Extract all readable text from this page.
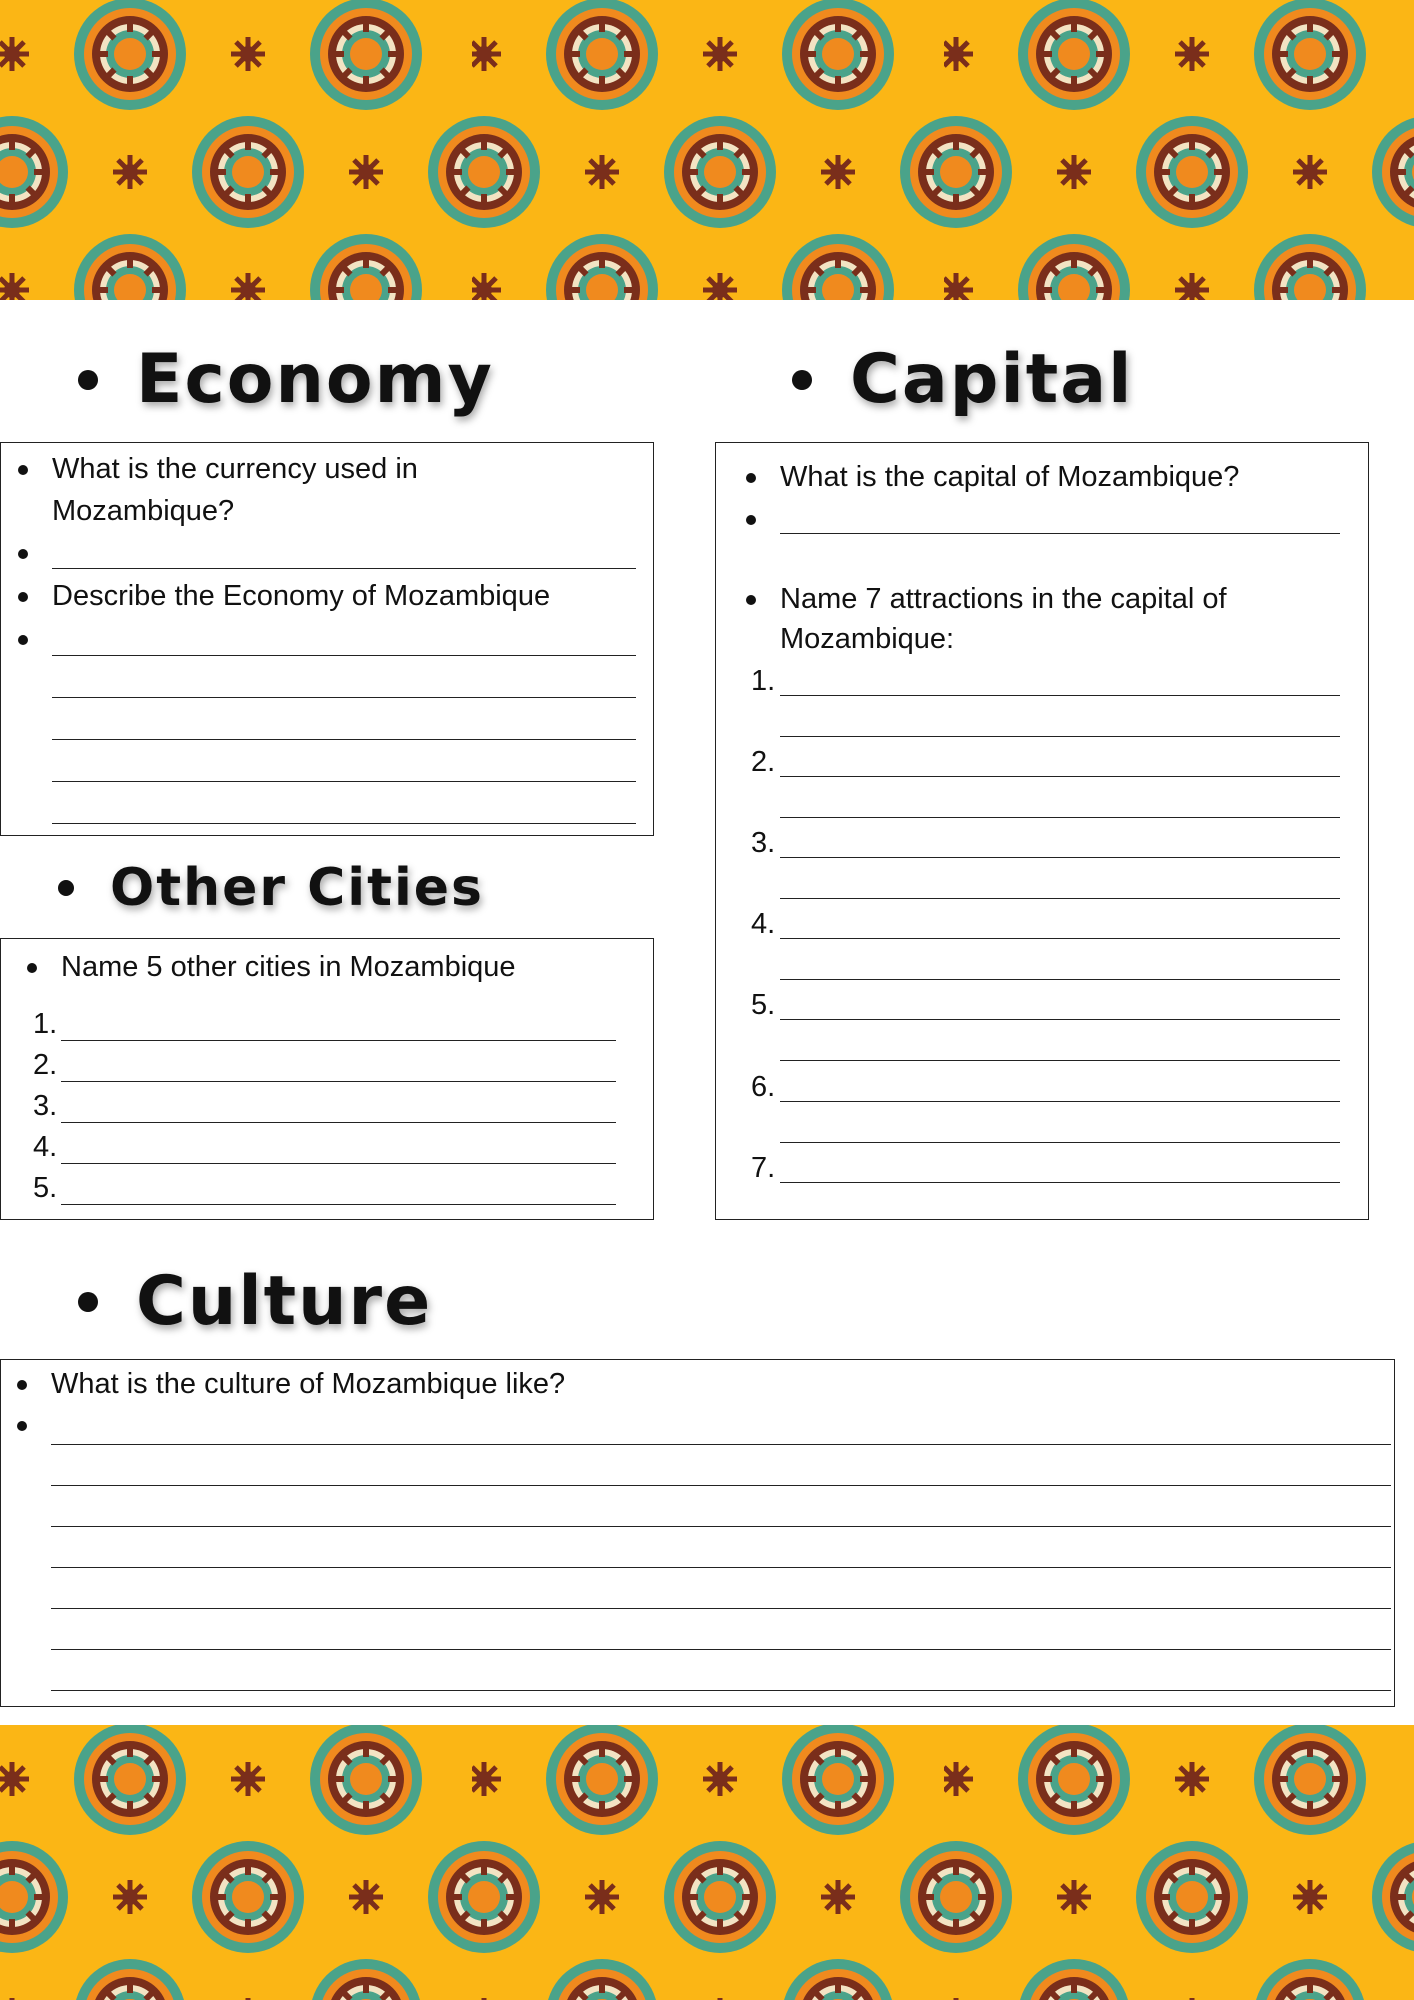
Economy	Capital
Other Cities
Culture
What is the currency used in
Mozambique?
Describe the Economy of Mozambique
What is the capital of Mozambique?
Name 7 attractions in the capital of
Mozambique:
1.
2.
3.
4.
5.
6.
7.
Name 5 other cities in Mozambique
1.
2.
3.
4.
5.
What is the culture of Mozambique like?
